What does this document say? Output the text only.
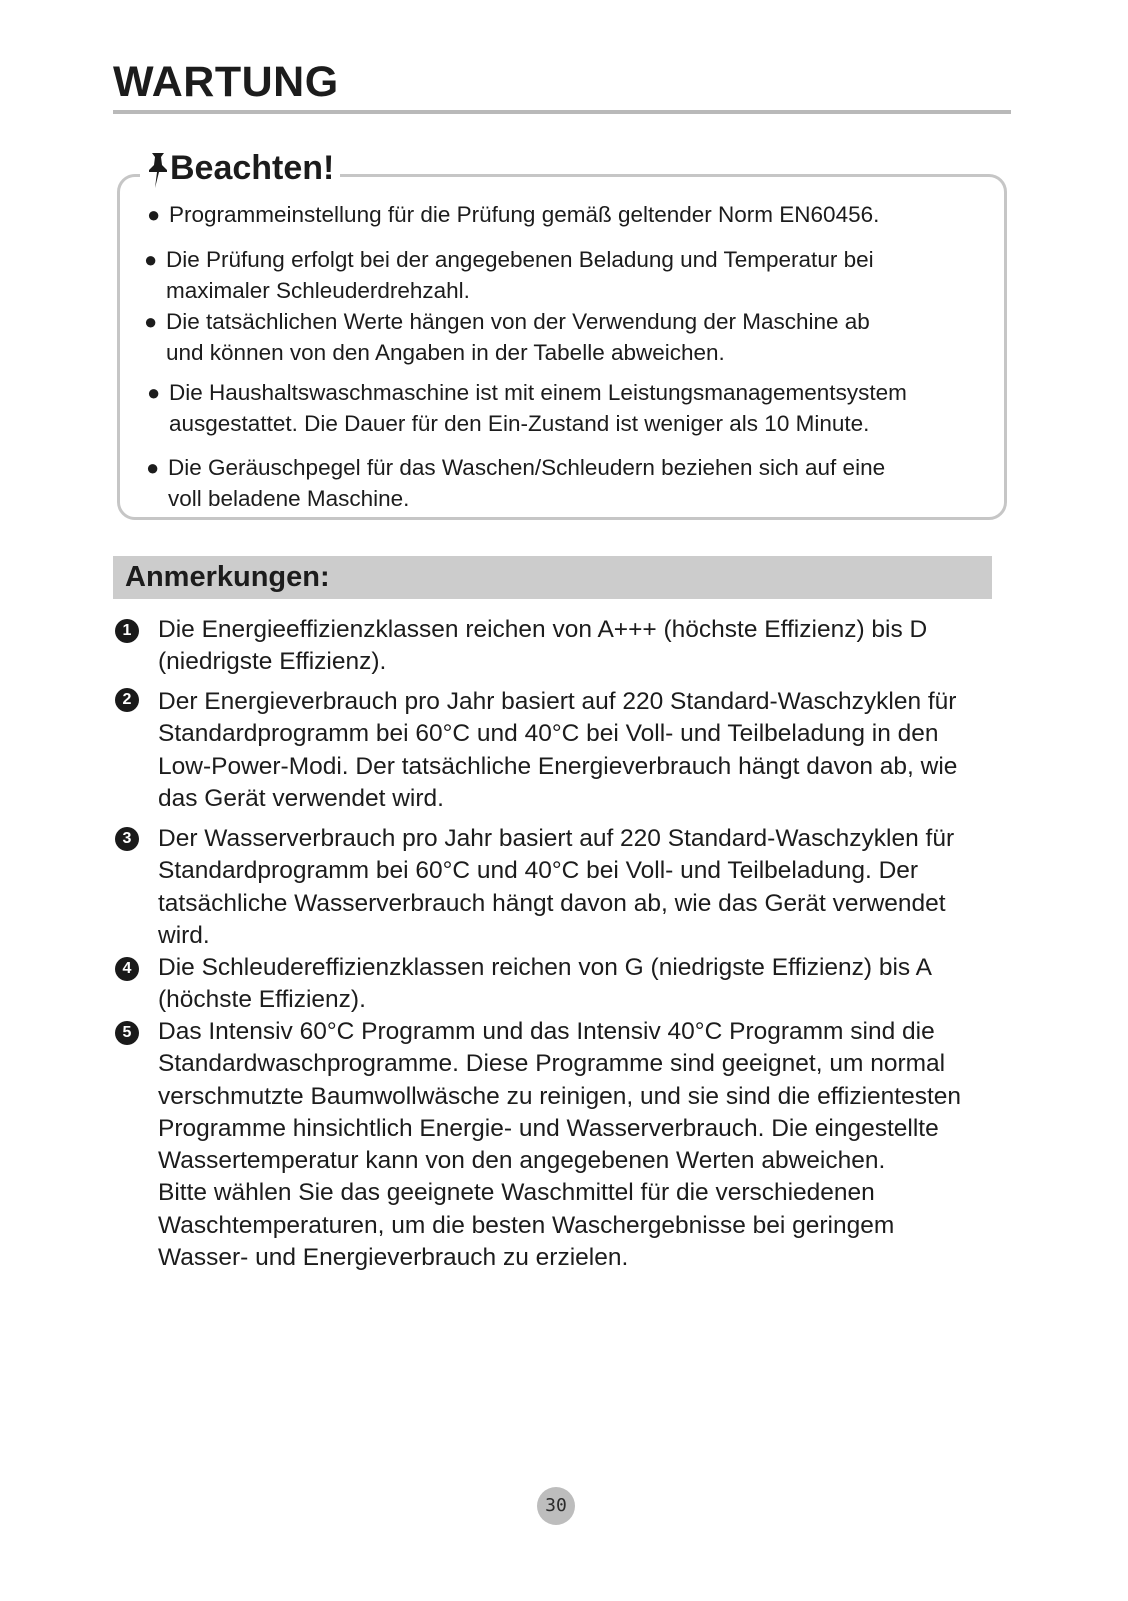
WARTUNG
Beachten!
● Programmeinstellung für die Prüfung gemäß geltender Norm EN60456.
● Die Prüfung erfolgt bei der angegebenen Beladung und Temperatur bei
maximaler Schleuderdrehzahl.
● Die tatsächlichen Werte hängen von der Verwendung der Maschine ab
und können von den Angaben in der Tabelle abweichen.
● Die Haushaltswaschmaschine ist mit einem Leistungsmanagementsystem
ausgestattet. Die Dauer für den Ein-Zustand ist weniger als 10 Minute.
● Die Geräuschpegel für das Waschen/Schleudern beziehen sich auf eine
voll beladene Maschine.
Anmerkungen:
1	Die Energieeffizienzklassen reichen von A+++ (höchste Effizienz) bis D
(niedrigste Effizienz).
2	Der Energieverbrauch pro Jahr basiert auf 220 Standard-Waschzyklen für
Standardprogramm bei 60°C und 40°C bei Voll- und Teilbeladung in den
Low-Power-Modi. Der tatsächliche Energieverbrauch hängt davon ab, wie
das Gerät verwendet wird.
3	Der Wasserverbrauch pro Jahr basiert auf 220 Standard-Waschzyklen für
Standardprogramm bei 60°C und 40°C bei Voll- und Teilbeladung. Der
tatsächliche Wasserverbrauch hängt davon ab, wie das Gerät verwendet
wird.
4	Die Schleudereffizienzklassen reichen von G (niedrigste Effizienz) bis A
(höchste Effizienz).
5	Das Intensiv 60°C Programm und das Intensiv 40°C Programm sind die
Standardwaschprogramme. Diese Programme sind geeignet, um normal
verschmutzte Baumwollwäsche zu reinigen, und sie sind die effizientesten
Programme hinsichtlich Energie- und Wasserverbrauch. Die eingestellte
Wassertemperatur kann von den angegebenen Werten abweichen.
Bitte wählen Sie das geeignete Waschmittel für die verschiedenen
Waschtemperaturen, um die besten Waschergebnisse bei geringem
Wasser- und Energieverbrauch zu erzielen.
30
